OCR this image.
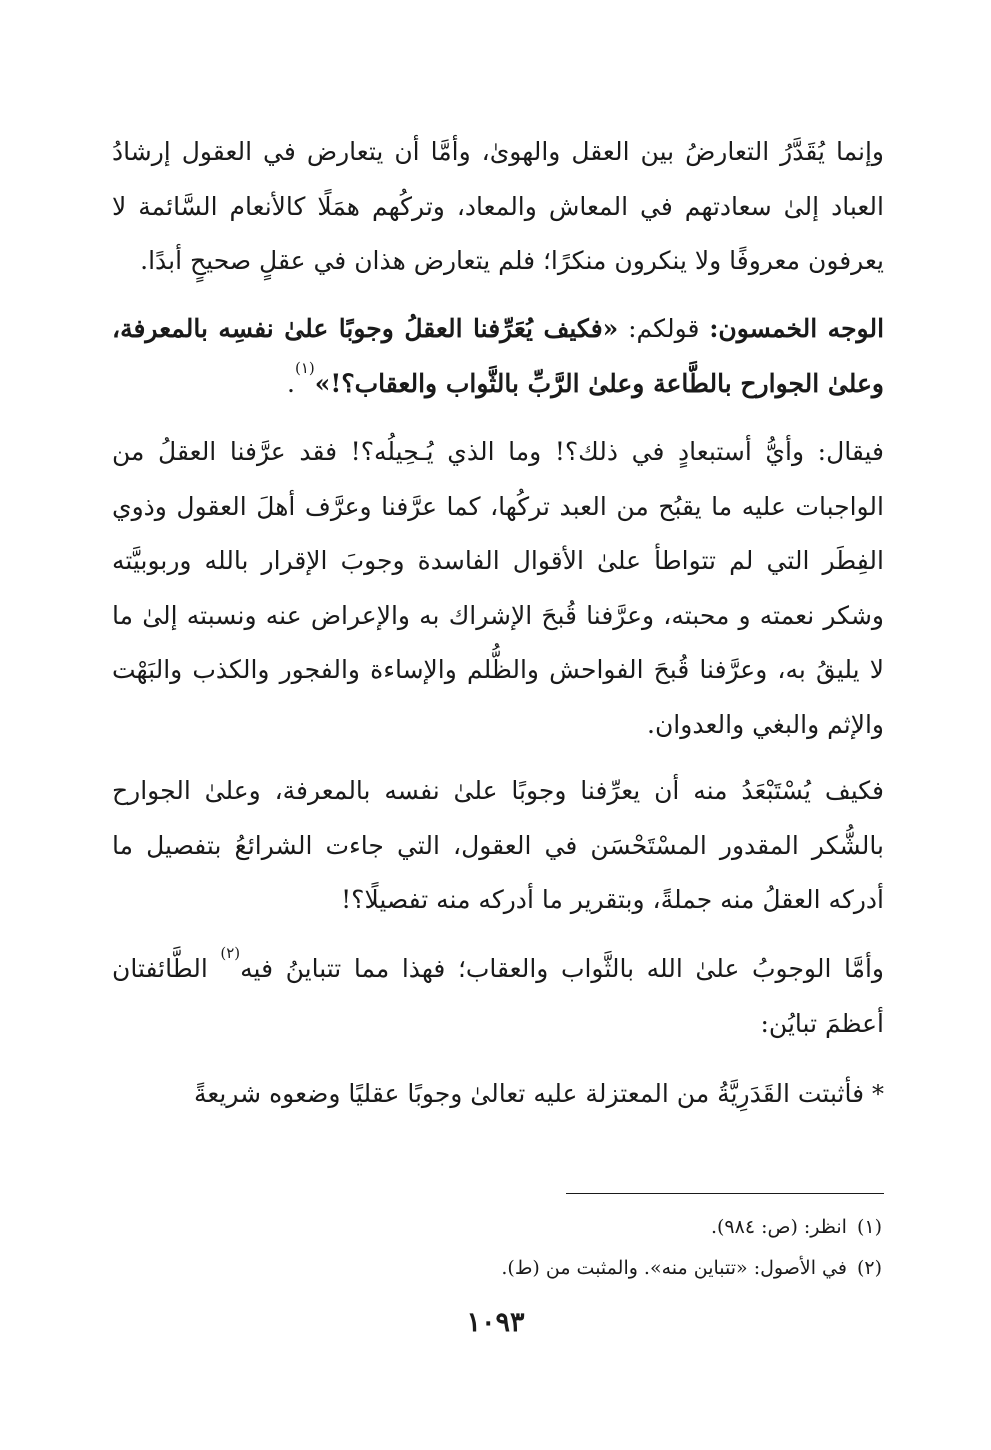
وإنما يُقَدَّرُ التعارضُ بين العقل والهوىٰ، وأمَّا أن يتعارض في العقول إرشادُ العباد إلىٰ سعادتهم في المعاش والمعاد، وتركُهم همَلًا كالأنعام السَّائمة لا يعرفون معروفًا ولا ينكرون منكرًا؛ فلم يتعارض هذان في عقلٍ صحيحٍ أبدًا.

الوجه الخمسون: قولكم: «فكيف يُعَرِّفنا العقلُ وجوبًا علىٰ نفسِه بالمعرفة، وعلىٰ الجوارح بالطَّاعة وعلىٰ الرَّبِّ بالثَّواب والعقاب؟!»$^{(١)}$.

فيقال: وأيُّ أستبعادٍ في ذلك؟! وما الذي يُـحِيلُه؟! فقد عرَّفنا العقلُ من الواجبات عليه ما يقبُح من العبد تركُها، كما عرَّفنا وعرَّف أهلَ العقول وذوي الفِطَر التي لم تتواطأ علىٰ الأقوال الفاسدة وجوبَ الإقرار بالله وربوبيَّته وشكر نعمته و محبته، وعرَّفنا قُبحَ الإشراك به والإعراض عنه ونسبته إلىٰ ما لا يليقُ به، وعرَّفنا قُبحَ الفواحش والظُّلم والإساءة والفجور والكذب والبَهْت والإثم والبغي والعدوان.

فكيف يُسْتَبْعَدُ منه أن يعرِّفنا وجوبًا علىٰ نفسه بالمعرفة، وعلىٰ الجوارح بالشُّكر المقدور المسْتَحْسَن في العقول، التي جاءت الشرائعُ بتفصيل ما أدركه العقلُ منه جملةً، وبتقرير ما أدركه منه تفصيلًا؟!

وأمَّا الوجوبُ علىٰ الله بالثَّواب والعقاب؛ فهذا مما تتباينُ فيه$^{(٢)}$ الطَّائفتان أعظمَ تبايُن:

* فأثبتت القَدَرِيَّةُ من المعتزلة عليه تعالىٰ وجوبًا عقليًا وضعوه شريعةً

(١)انظر: (ص: ٩٨٤).

(٢)في الأصول: «تتباين منه». والمثبت من (ط).

١٠٩٣
